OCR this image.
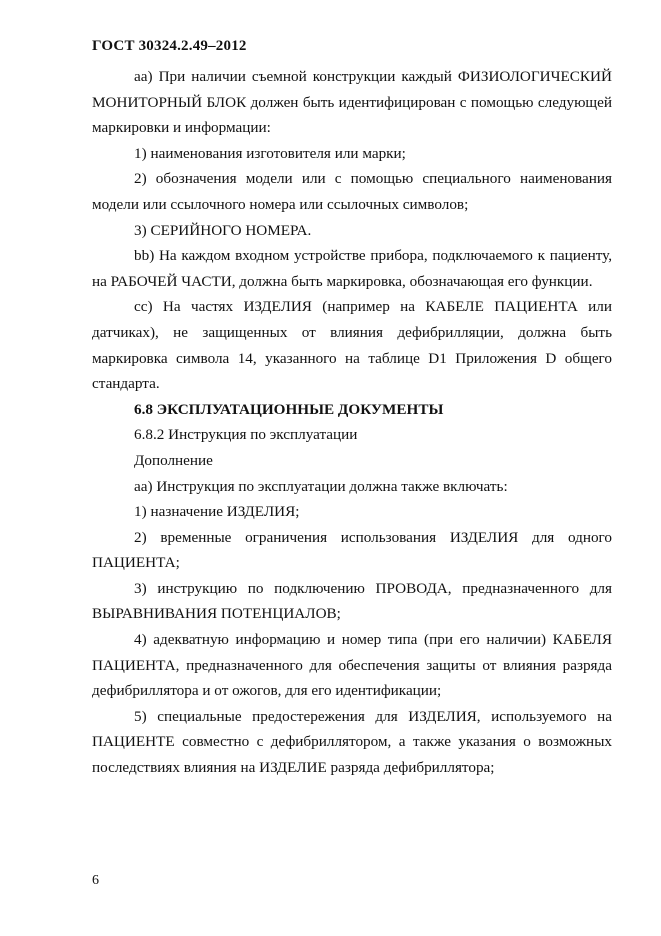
ГОСТ 30324.2.49–2012

аа) При наличии съемной конструкции каждый ФИЗИОЛОГИЧЕСКИЙ МОНИТОРНЫЙ БЛОК должен быть идентифицирован с помощью следующей маркировки и информации:

1) наименования изготовителя или марки;

2) обозначения модели или с помощью специального наименования модели или ссылочного номера или ссылочных символов;

3) СЕРИЙНОГО НОМЕРА.

bb) На каждом входном устройстве прибора, подключаемого к пациенту, на РАБОЧЕЙ ЧАСТИ, должна быть маркировка, обозначающая его функции.

cc) На частях ИЗДЕЛИЯ (например на КАБЕЛЕ ПАЦИЕНТА или датчиках), не защищенных от влияния дефибрилляции, должна быть маркировка символа 14, указанного на таблице D1 Приложения D общего стандарта.

6.8 ЭКСПЛУАТАЦИОННЫЕ ДОКУМЕНТЫ

6.8.2 Инструкция по эксплуатации

Дополнение

аа) Инструкция по эксплуатации должна также включать:

1) назначение ИЗДЕЛИЯ;

2) временные ограничения использования ИЗДЕЛИЯ для одного ПАЦИЕНТА;

3) инструкцию по подключению ПРОВОДА, предназначенного для ВЫРАВНИВАНИЯ ПОТЕНЦИАЛОВ;

4) адекватную информацию и номер типа (при его наличии) КАБЕЛЯ ПАЦИЕНТА, предназначенного для обеспечения защиты от влияния разряда дефибриллятора и от ожогов, для его идентификации;

5) специальные предостережения для ИЗДЕЛИЯ, используемого на ПАЦИЕНТЕ совместно с дефибриллятором, а также указания о возможных последствиях влияния на ИЗДЕЛИЕ разряда дефибриллятора;

6
